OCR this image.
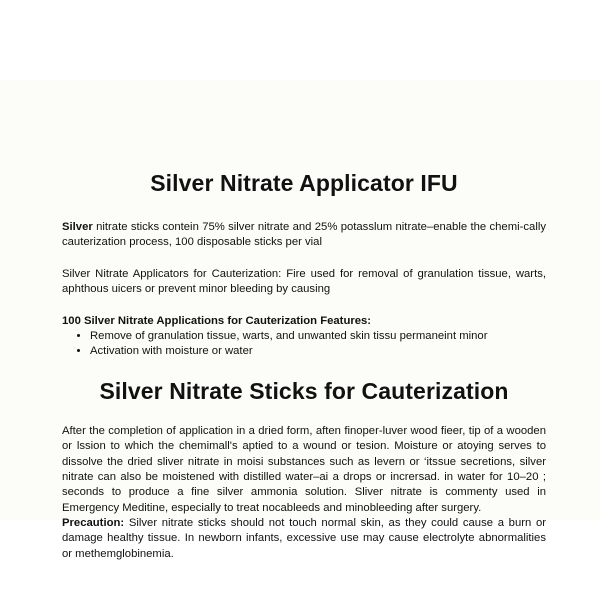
Silver Nitrate Applicator IFU

Silver nitrate sticks contein 75% silver nitrate and 25% potasslum nitrate–enable the chemi-cally cauterization process, 100 disposable sticks per vial

Silver Nitrate Applicators for Cauterization: Fire used for removal of granulation tissue, warts, aphthous uicers or prevent minor bleeding by causing

100 Silver Nitrate Applications for Cauterization Features:
• Remove of granulation tissue, warts, and unwanted skin tissu permaneint minor
• Activation with moisture or water
Silver Nitrate Sticks for Cauterization

After the completion of application in a dried form, aften finoper-luver wood fieer, tip of a wooden or lssion to which the chemimall's aptied to a wound or tesion. Moisture or atoying serves to dissolve the dried sliver nitrate in moisi substances such as levern or ‘itssue secretions, silver nitrate can also be moistened with distilled water–ai a drops or incrersad. in water for 10–20 ; seconds to produce a fine silver ammonia solution. Sliver nitrate is commenty used in Emergency Meditine, especially to treat nocableeds and minobleeding after surgery.

Precaution: Silver nitrate sticks should not touch normal skin, as they could cause a burn or damage healthy tissue. In newborn infants, excessive use may cause electrolyte abnormalities or methemglobinemia.
